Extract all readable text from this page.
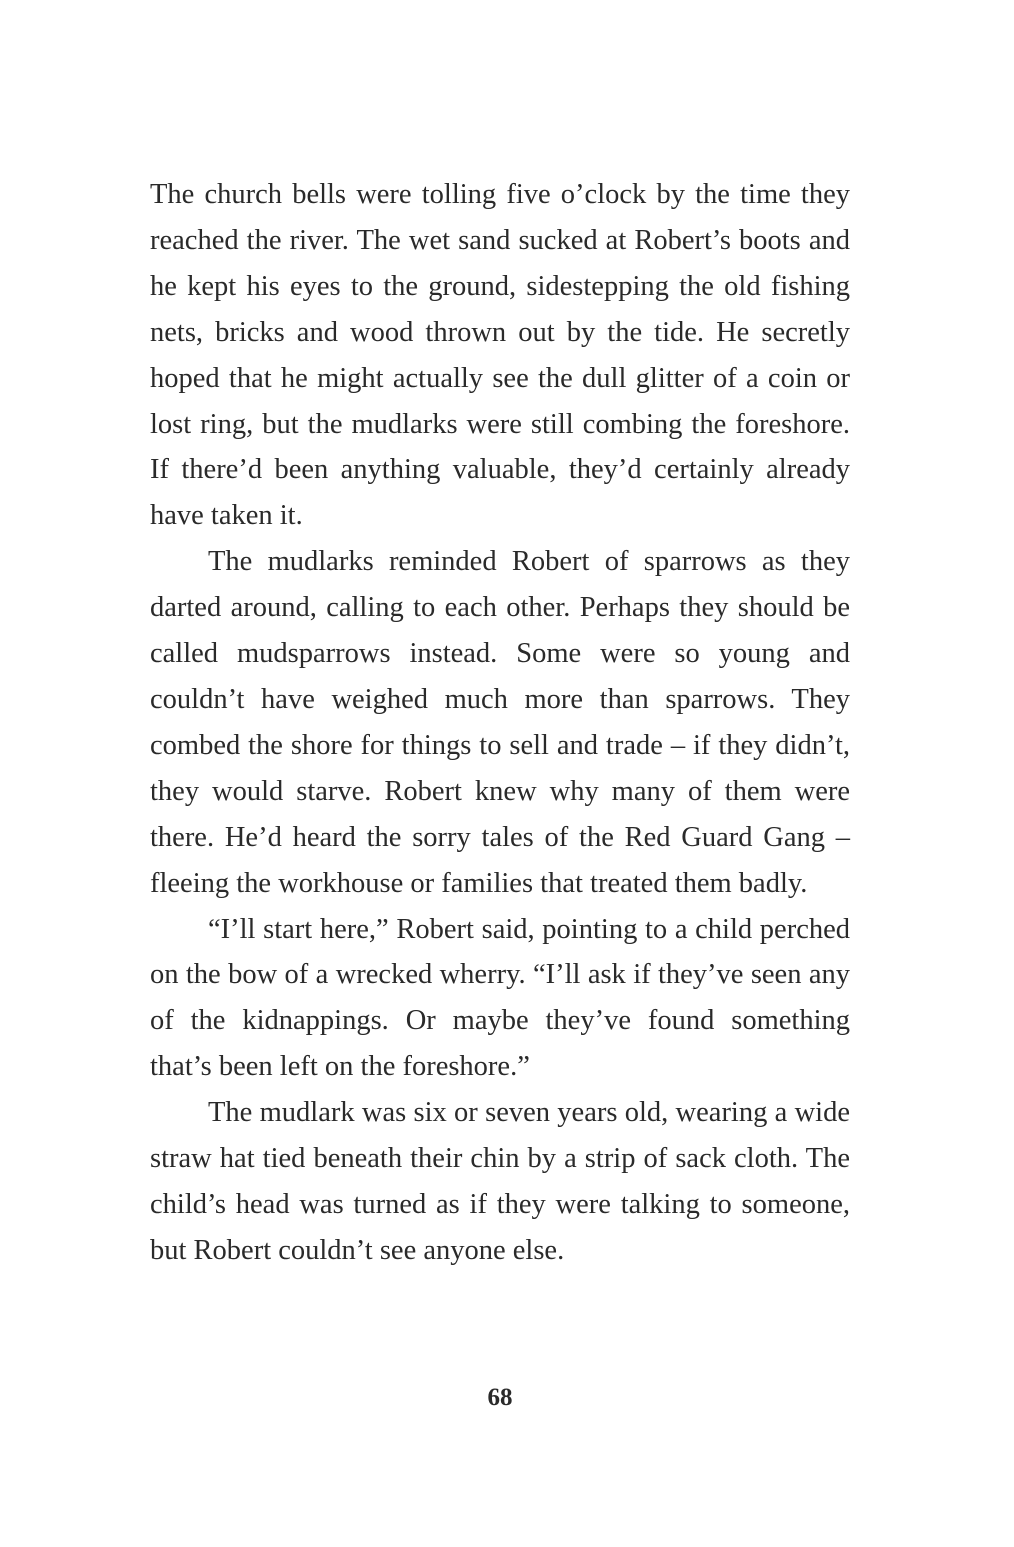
The church bells were tolling five o’clock by the time they reached the river. The wet sand sucked at Robert’s boots and he kept his eyes to the ground, sidestepping the old fishing nets, bricks and wood thrown out by the tide. He secretly hoped that he might actually see the dull glitter of a coin or lost ring, but the mudlarks were still combing the foreshore. If there’d been anything valuable, they’d certainly already have taken it.

The mudlarks reminded Robert of sparrows as they darted around, calling to each other. Perhaps they should be called mudsparrows instead. Some were so young and couldn’t have weighed much more than sparrows. They combed the shore for things to sell and trade – if they didn’t, they would starve. Robert knew why many of them were there. He’d heard the sorry tales of the Red Guard Gang – fleeing the workhouse or families that treated them badly.

“I’ll start here,” Robert said, pointing to a child perched on the bow of a wrecked wherry. “I’ll ask if they’ve seen any of the kidnappings. Or maybe they’ve found something that’s been left on the foreshore.”

The mudlark was six or seven years old, wearing a wide straw hat tied beneath their chin by a strip of sack cloth. The child’s head was turned as if they were talking to someone, but Robert couldn’t see anyone else.

68
